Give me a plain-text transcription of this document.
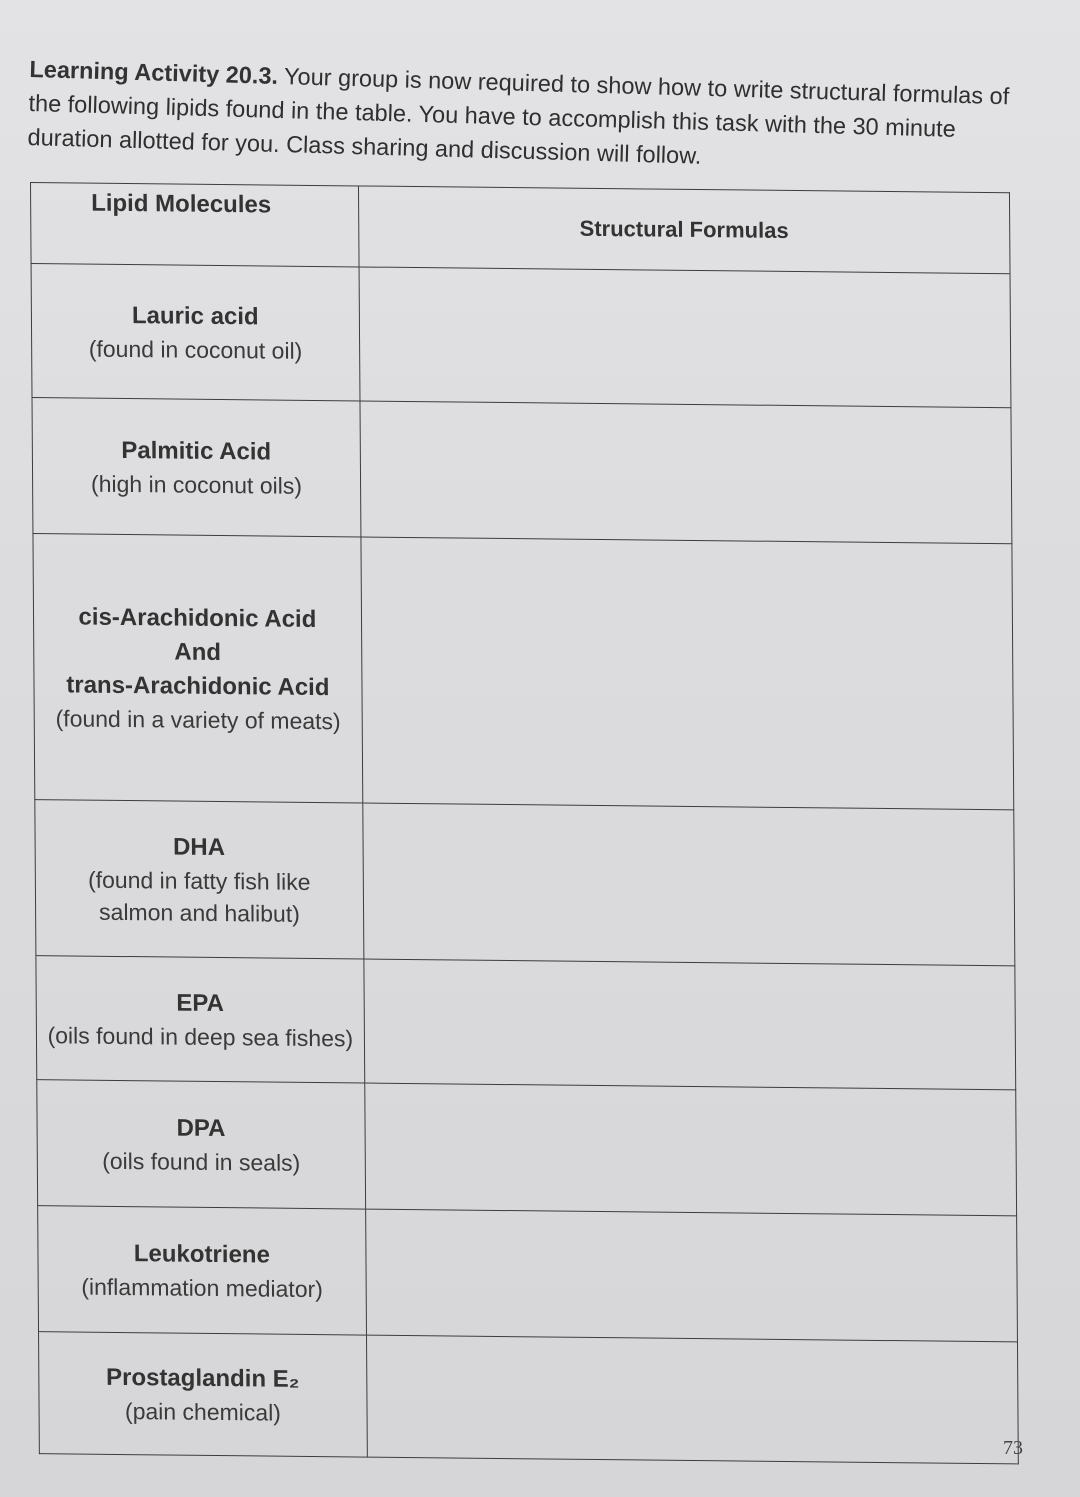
Learning Activity 20.3. Your group is now required to show how to write structural formulas of the following lipids found in the table. You have to accomplish this task with the 30 minute duration allotted for you. Class sharing and discussion will follow.
Lipid Molecules	Structural Formulas

Lauric acid
(found in coconut oil)	

Palmitic Acid
(high in coconut oils)	

cis-Arachidonic Acid
And
trans-Arachidonic Acid
(found in a variety of meats)	

DHA
(found in fatty fish like salmon and halibut)	

EPA
(oils found in deep sea fishes)	

DPA
(oils found in seals)	

Leukotriene
(inflammation mediator)	

Prostaglandin E₂
(pain chemical)	

73
